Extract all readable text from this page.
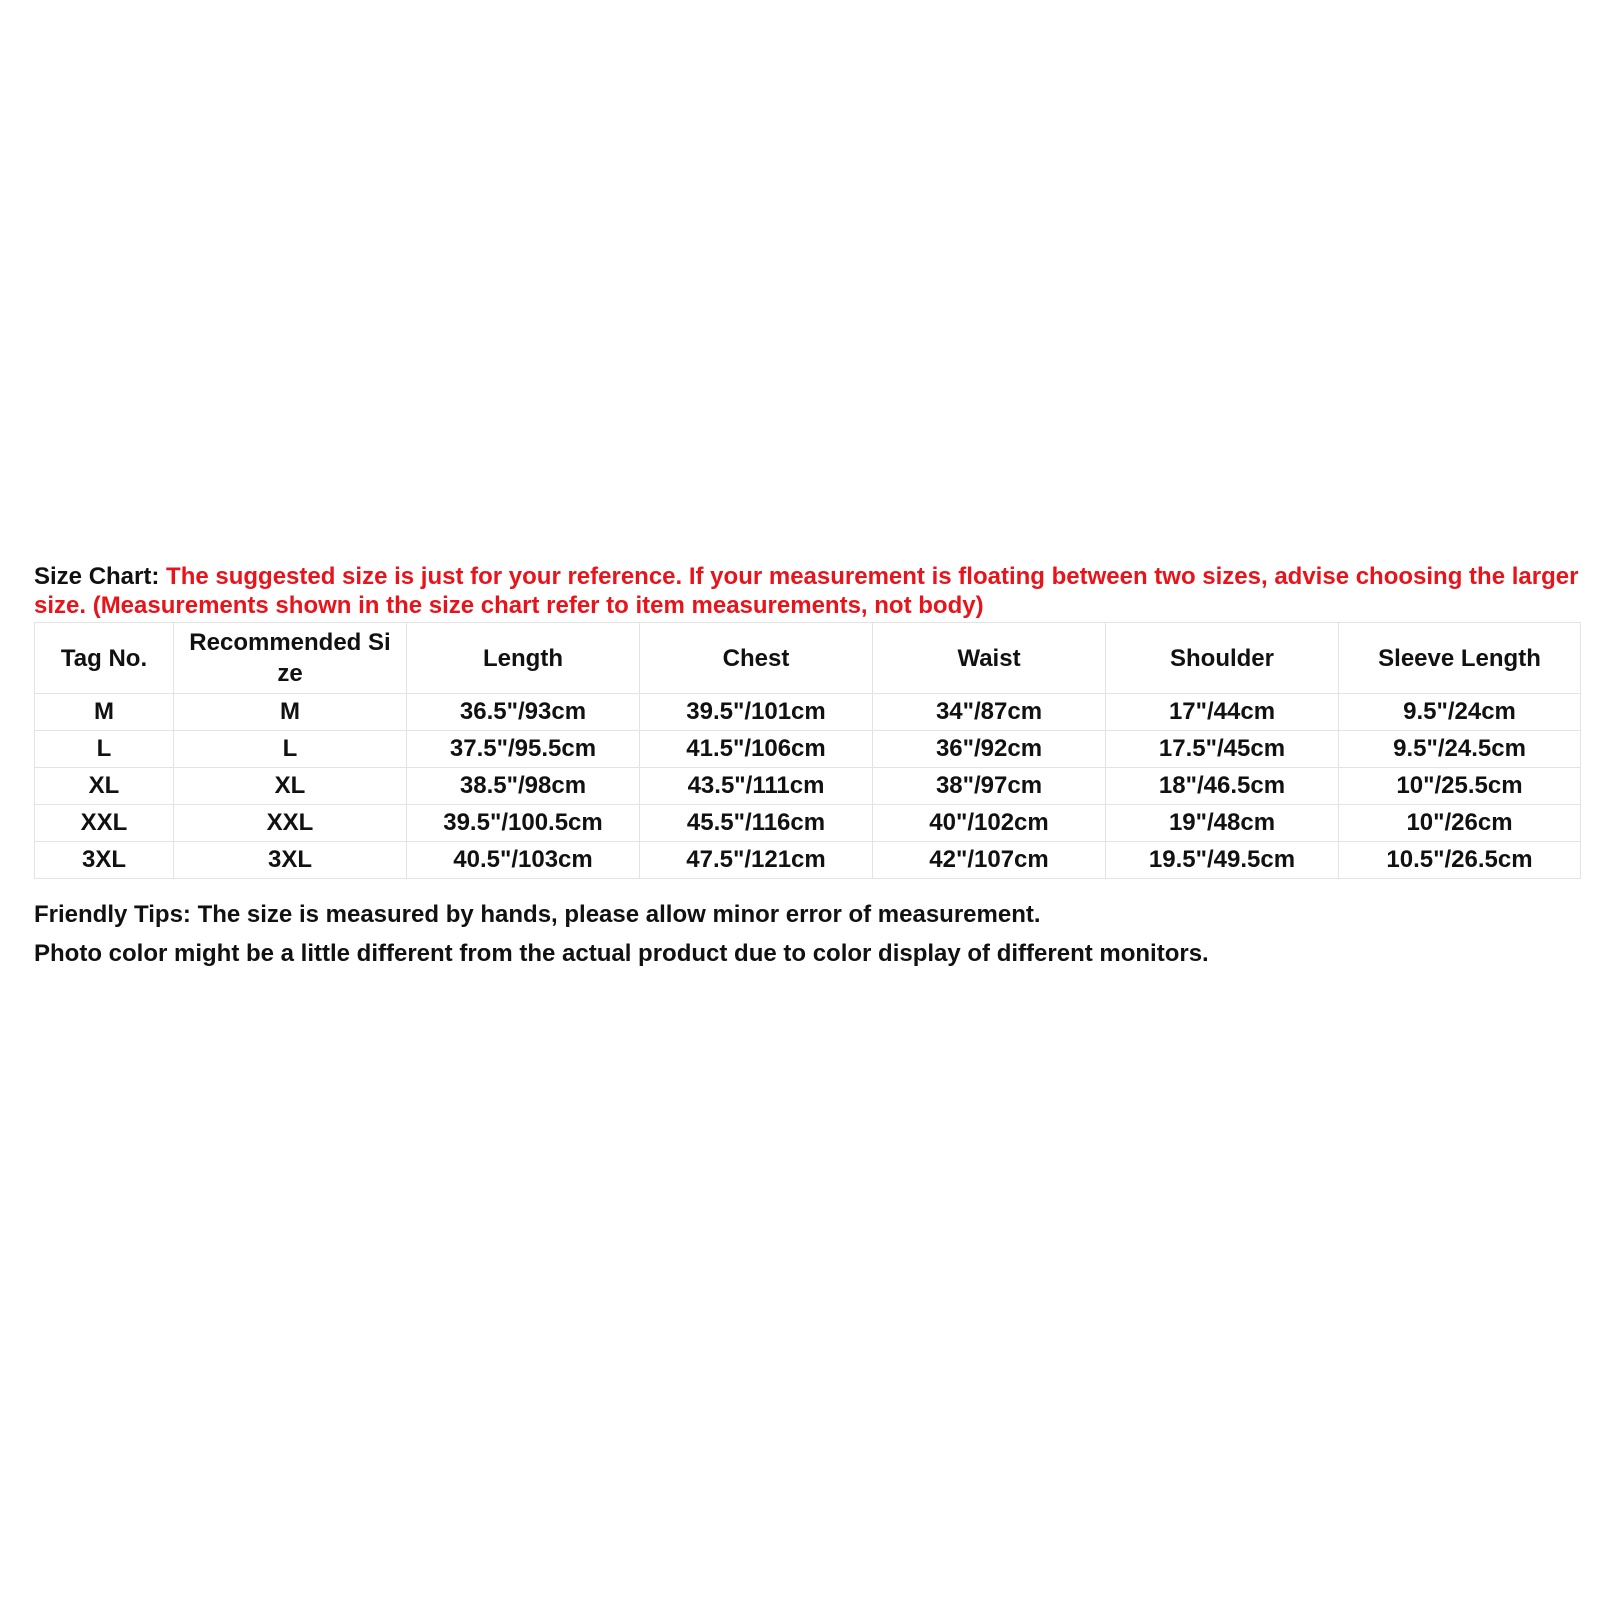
Size Chart: The suggested size is just for your reference. If your measurement is floating between two sizes, advise choosing the larger size. (Measurements shown in the size chart refer to item measurements, not body)

Tag No.	Recommended Si ze	Length	Chest	Waist	Shoulder	Sleeve Length
M	M	36.5"/93cm	39.5"/101cm	34"/87cm	17"/44cm	9.5"/24cm
L	L	37.5"/95.5cm	41.5"/106cm	36"/92cm	17.5"/45cm	9.5"/24.5cm
XL	XL	38.5"/98cm	43.5"/111cm	38"/97cm	18"/46.5cm	10"/25.5cm
XXL	XXL	39.5"/100.5cm	45.5"/116cm	40"/102cm	19"/48cm	10"/26cm
3XL	3XL	40.5"/103cm	47.5"/121cm	42"/107cm	19.5"/49.5cm	10.5"/26.5cm

Friendly Tips: The size is measured by hands, please allow minor error of measurement.

Photo color might be a little different from the actual product due to color display of different monitors.
